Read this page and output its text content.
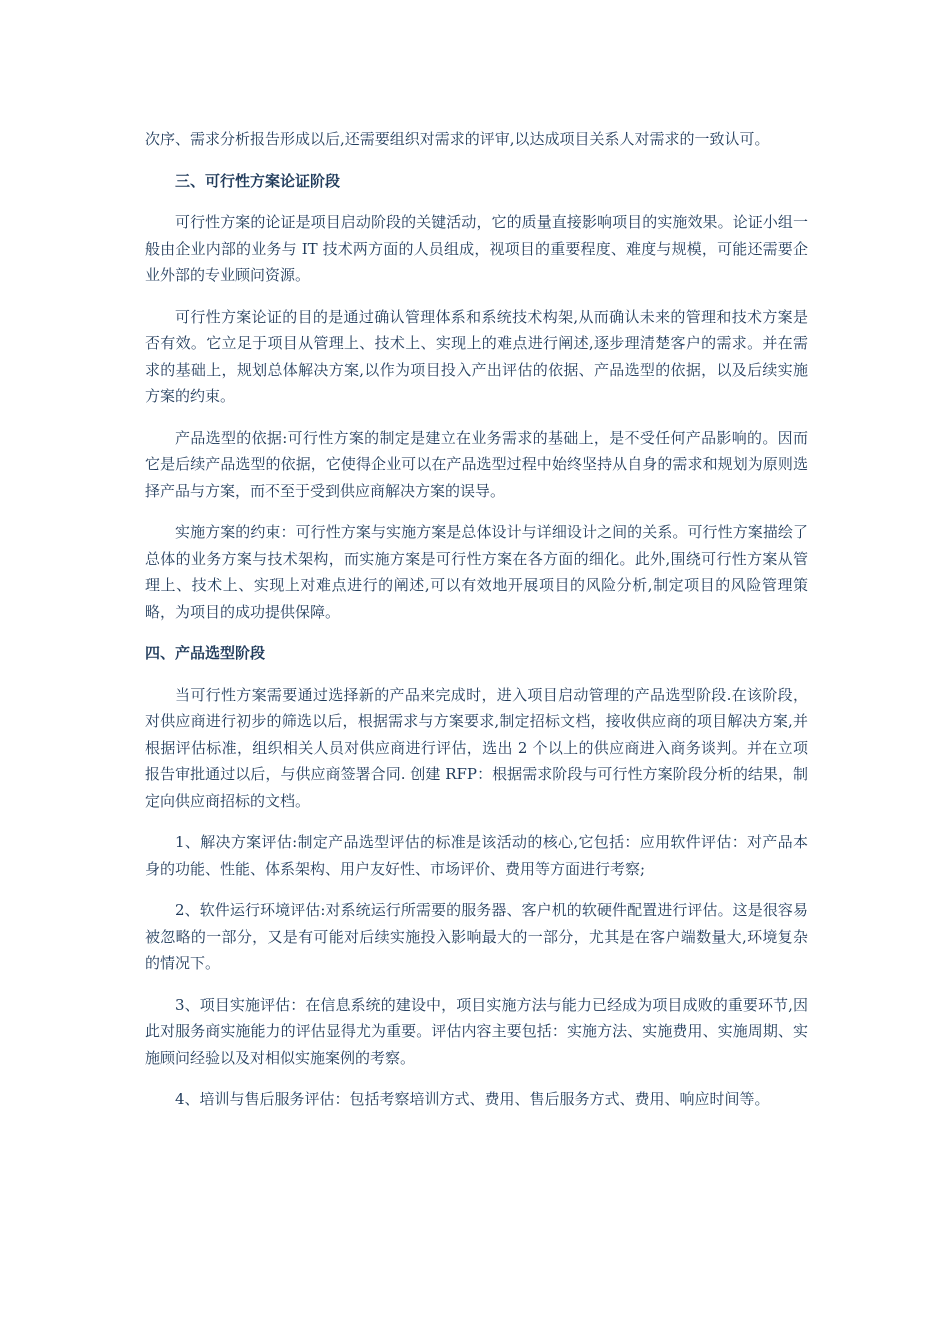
次序、需求分析报告形成以后,还需要组织对需求的评审,以达成项目关系人对需求的一致认可。

三、可行性方案论证阶段

可行性方案的论证是项目启动阶段的关键活动，它的质量直接影响项目的实施效果。论证小组一般由企业内部的业务与 IT 技术两方面的人员组成，视项目的重要程度、难度与规模，可能还需要企业外部的专业顾问资源。

可行性方案论证的目的是通过确认管理体系和系统技术构架,从而确认未来的管理和技术方案是否有效。它立足于项目从管理上、技术上、实现上的难点进行阐述,逐步理清楚客户的需求。并在需求的基础上，规划总体解决方案,以作为项目投入产出评估的依据、产品选型的依据，以及后续实施方案的约束。

产品选型的依据:可行性方案的制定是建立在业务需求的基础上，是不受任何产品影响的。因而它是后续产品选型的依据，它使得企业可以在产品选型过程中始终坚持从自身的需求和规划为原则选择产品与方案，而不至于受到供应商解决方案的误导。

实施方案的约束：可行性方案与实施方案是总体设计与详细设计之间的关系。可行性方案描绘了总体的业务方案与技术架构，而实施方案是可行性方案在各方面的细化。此外,围绕可行性方案从管理上、技术上、实现上对难点进行的阐述,可以有效地开展项目的风险分析,制定项目的风险管理策略，为项目的成功提供保障。

四、产品选型阶段

当可行性方案需要通过选择新的产品来完成时，进入项目启动管理的产品选型阶段.在该阶段，对供应商进行初步的筛选以后，根据需求与方案要求,制定招标文档，接收供应商的项目解决方案,并根据评估标准，组织相关人员对供应商进行评估，选出 2 个以上的供应商进入商务谈判。并在立项报告审批通过以后，与供应商签署合同. 创建 RFP：根据需求阶段与可行性方案阶段分析的结果，制定向供应商招标的文档。

1、解决方案评估:制定产品选型评估的标准是该活动的核心,它包括：应用软件评估：对产品本身的功能、性能、体系架构、用户友好性、市场评价、费用等方面进行考察;

2、软件运行环境评估:对系统运行所需要的服务器、客户机的软硬件配置进行评估。这是很容易被忽略的一部分，又是有可能对后续实施投入影响最大的一部分，尤其是在客户端数量大,环境复杂的情况下。

3、项目实施评估：在信息系统的建设中，项目实施方法与能力已经成为项目成败的重要环节,因此对服务商实施能力的评估显得尤为重要。评估内容主要包括：实施方法、实施费用、实施周期、实施顾问经验以及对相似实施案例的考察。

4、培训与售后服务评估：包括考察培训方式、费用、售后服务方式、费用、响应时间等。
